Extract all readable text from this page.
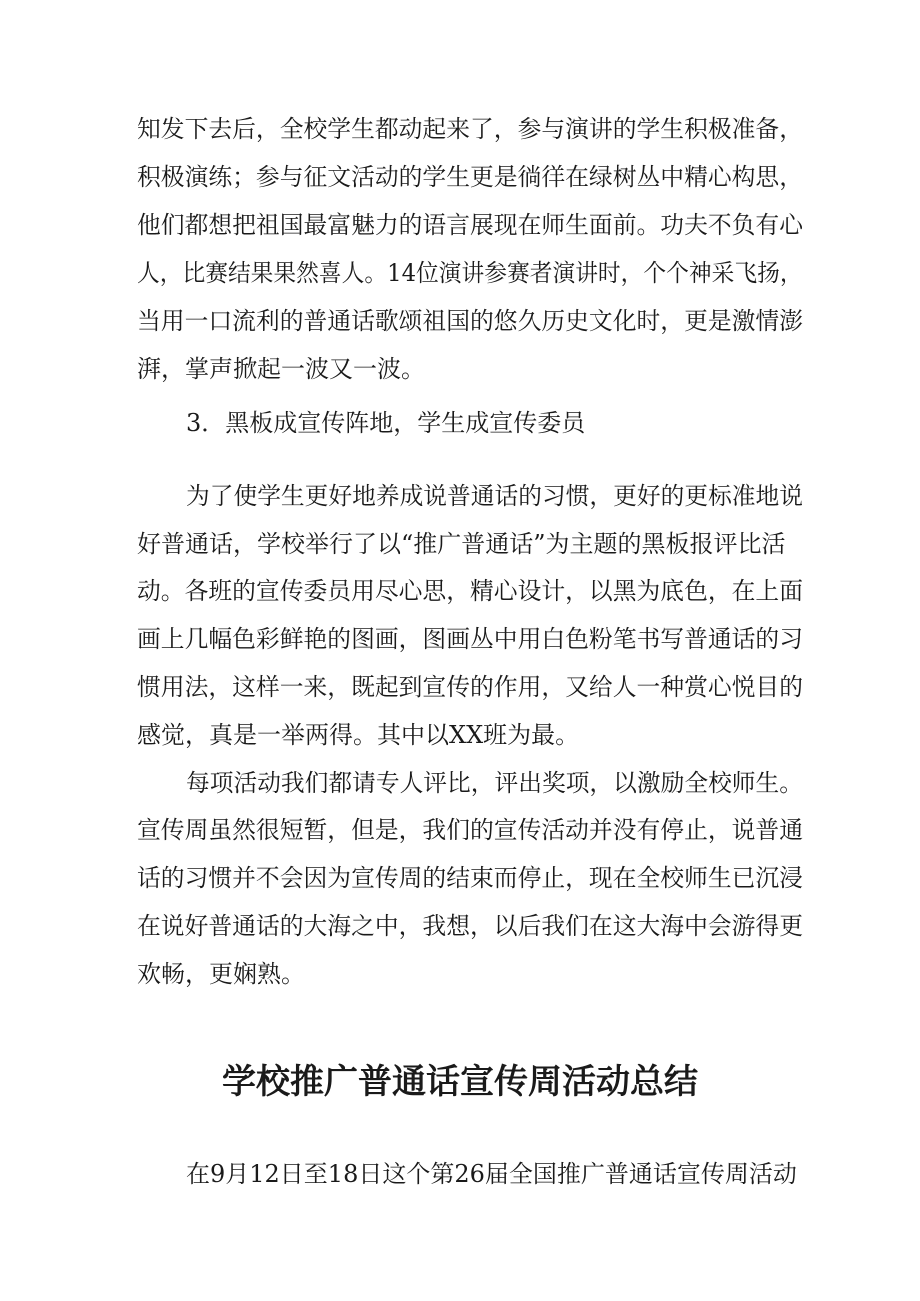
知发下去后，全校学生都动起来了，参与演讲的学生积极准备，
积极演练；参与征文活动的学生更是徜徉在绿树丛中精心构思，
他们都想把祖国最富魅力的语言展现在师生面前。功夫不负有心
人，比赛结果果然喜人。14位演讲参赛者演讲时，个个神采飞扬，
当用一口流利的普通话歌颂祖国的悠久历史文化时，更是激情澎
湃，掌声掀起一波又一波。
3．黑板成宣传阵地，学生成宣传委员
为了使学生更好地养成说普通话的习惯，更好的更标准地说
好普通话，学校举行了以“推广普通话”为主题的黑板报评比活
动。各班的宣传委员用尽心思，精心设计，以黑为底色，在上面
画上几幅色彩鲜艳的图画，图画丛中用白色粉笔书写普通话的习
惯用法，这样一来，既起到宣传的作用，又给人一种赏心悦目的
感觉，真是一举两得。其中以XX班为最。
每项活动我们都请专人评比，评出奖项，以激励全校师生。
宣传周虽然很短暂，但是，我们的宣传活动并没有停止，说普通
话的习惯并不会因为宣传周的结束而停止，现在全校师生已沉浸
在说好普通话的大海之中，我想，以后我们在这大海中会游得更
欢畅，更娴熟。
学校推广普通话宣传周活动总结
在9月12日至18日这个第26届全国推广普通话宣传周活动
